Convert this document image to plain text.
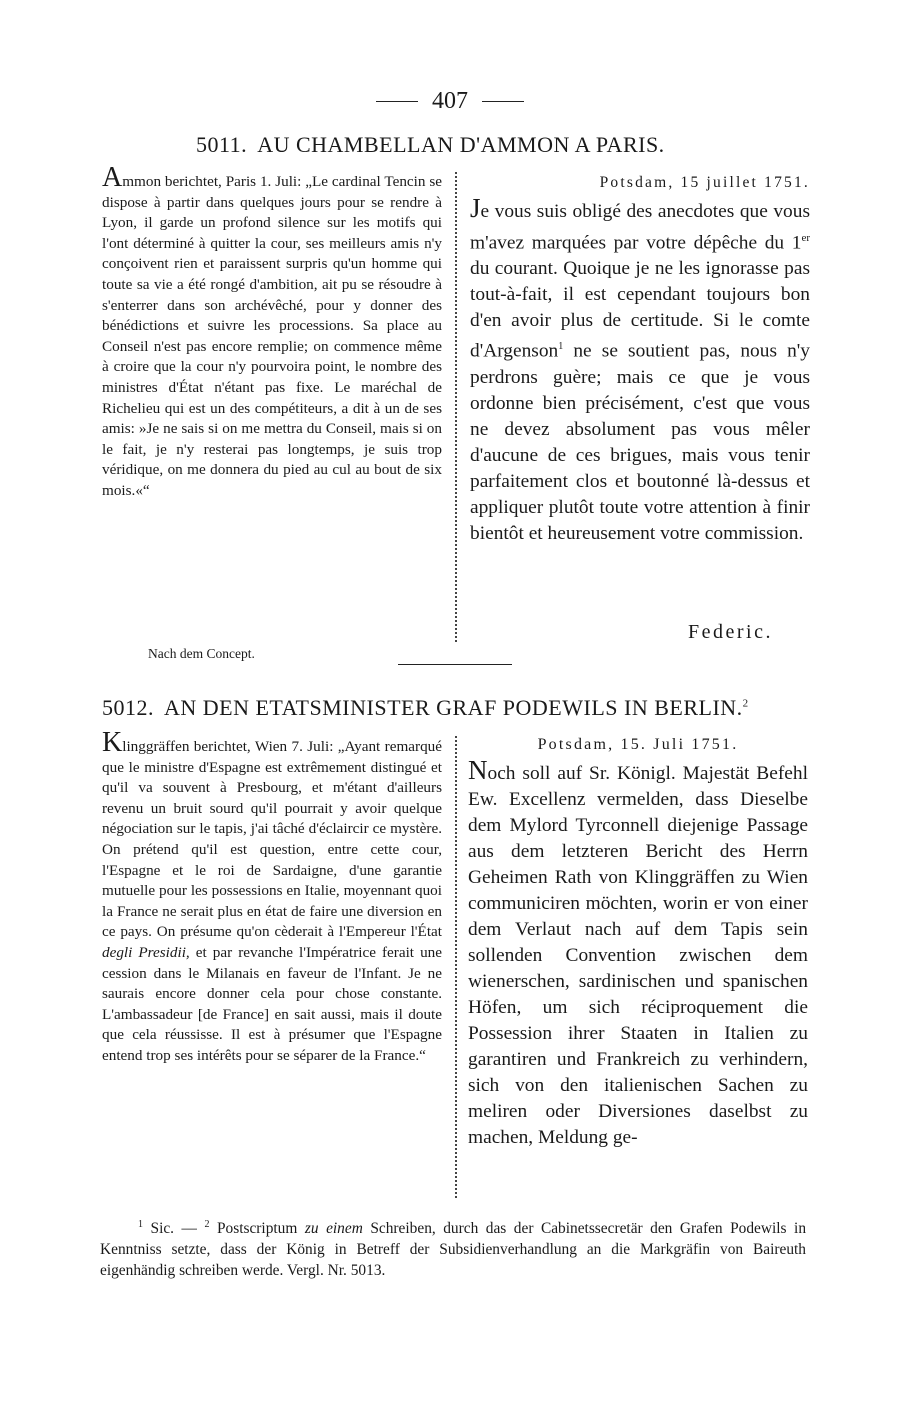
407
5011. AU CHAMBELLAN D'AMMON A PARIS.

Ammon berichtet, Paris 1. Juli: „Le cardinal Tencin se dispose à partir dans quelques jours pour se rendre à Lyon, il garde un profond silence sur les motifs qui l'ont déterminé à quitter la cour, ses meilleurs amis n'y conçoivent rien et paraissent surpris qu'un homme qui toute sa vie a été rongé d'ambition, ait pu se résoudre à s'enterrer dans son archévêché, pour y donner des bénédictions et suivre les processions. Sa place au Conseil n'est pas encore remplie; on commence même à croire que la cour n'y pourvoira point, le nombre des ministres d'État n'étant pas fixe. Le maréchal de Richelieu qui est un des compétiteurs, a dit à un de ses amis: »Je ne sais si on me mettra du Conseil, mais si on le fait, je n'y resterai pas longtemps, je suis trop véridique, on me donnera du pied au cul au bout de six mois.«“

Nach dem Concept.
Potsdam, 15 juillet 1751.

Je vous suis obligé des anecdotes que vous m'avez marquées par votre dépêche du 1er du courant. Quoique je ne les ignorasse pas tout-à-fait, il est cependant toujours bon d'en avoir plus de certitude. Si le comte d'Argenson$^1$ ne se soutient pas, nous n'y perdrons guère; mais ce que je vous ordonne bien précisément, c'est que vous ne devez absolument pas vous mêler d'aucune de ces brigues, mais vous tenir parfaitement clos et boutonné là-dessus et appliquer plutôt toute votre attention à finir bientôt et heureusement votre commission.

Federic.
5012. AN DEN ETATSMINISTER GRAF PODEWILS IN BERLIN.$^2$

Klinggräffen berichtet, Wien 7. Juli: „Ayant remarqué que le ministre d'Espagne est extrêmement distingué et qu'il va souvent à Presbourg, et m'étant d'ailleurs revenu un bruit sourd qu'il pourrait y avoir quelque négociation sur le tapis, j'ai tâché d'éclaircir ce mystère. On prétend qu'il est question, entre cette cour, l'Espagne et le roi de Sardaigne, d'une garantie mutuelle pour les possessions en Italie, moyennant quoi la France ne serait plus en état de faire une diversion en ce pays. On présume qu'on cèderait à l'Empereur l'État degli Presidii, et par revanche l'Impératrice ferait une cession dans le Milanais en faveur de l'Infant. Je ne saurais encore donner cela pour chose constante. L'ambassadeur [de France] en sait aussi, mais il doute que cela réussisse. Il est à présumer que l'Espagne entend trop ses intérêts pour se séparer de la France.“

Potsdam, 15. Juli 1751.

Noch soll auf Sr. Königl. Majestät Befehl Ew. Excellenz vermelden, dass Dieselbe dem Mylord Tyrconnell diejenige Passage aus dem letzteren Bericht des Herrn Geheimen Rath von Klinggräffen zu Wien communiciren möchten, worin er von einer dem Verlaut nach auf dem Tapis sein sollenden Convention zwischen dem wienerschen, sardinischen und spanischen Höfen, um sich réciproquement die Possession ihrer Staaten in Italien zu garantiren und Frankreich zu verhindern, sich von den italienischen Sachen zu meliren oder Diversiones daselbst zu machen, Meldung ge-

$^1$ Sic. — $^2$ Postscriptum zu einem Schreiben, durch das der Cabinetssecretär den Grafen Podewils in Kenntniss setzte, dass der König in Betreff der Subsidienverhandlung an die Markgräfin von Baireuth eigenhändig schreiben werde. Vergl. Nr. 5013.
